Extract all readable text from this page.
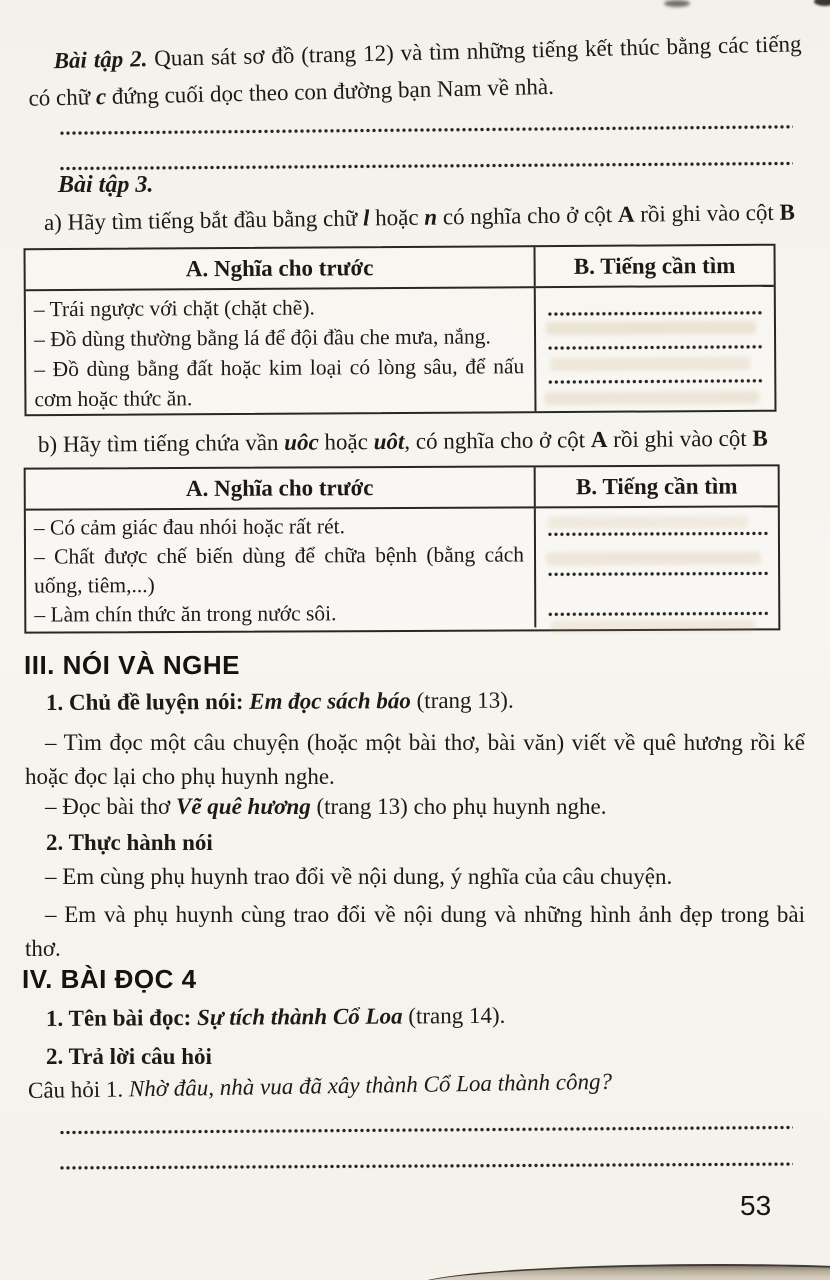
Bài tập 2. Quan sát sơ đồ (trang 12) và tìm những tiếng kết thúc bằng các tiếng có chữ c đứng cuối dọc theo con đường bạn Nam về nhà.

Bài tập 3.

a) Hãy tìm tiếng bắt đầu bằng chữ l hoặc n có nghĩa cho ở cột A rồi ghi vào cột B

A. Nghĩa cho trước	B. Tiếng cần tìm

– Trái ngược với chặt (chặt chẽ).

– Đồ dùng thường bằng lá để đội đầu che mưa, nắng.

– Đồ dùng bằng đất hoặc kim loại có lòng sâu, để nấu cơm hoặc thức ăn.

b) Hãy tìm tiếng chứa vần uôc hoặc uôt, có nghĩa cho ở cột A rồi ghi vào cột B

A. Nghĩa cho trước	B. Tiếng cần tìm

– Có cảm giác đau nhói hoặc rất rét.

– Chất được chế biến dùng để chữa bệnh (bằng cách uống, tiêm,...)

– Làm chín thức ăn trong nước sôi.

III. NÓI VÀ NGHE

1. Chủ đề luyện nói: Em đọc sách báo (trang 13).

– Tìm đọc một câu chuyện (hoặc một bài thơ, bài văn) viết về quê hương rồi kể hoặc đọc lại cho phụ huynh nghe.

– Đọc bài thơ Vẽ quê hương (trang 13) cho phụ huynh nghe.

2. Thực hành nói

– Em cùng phụ huynh trao đổi về nội dung, ý nghĩa của câu chuyện.

– Em và phụ huynh cùng trao đổi về nội dung và những hình ảnh đẹp trong bài thơ.

IV. BÀI ĐỌC 4

1. Tên bài đọc: Sự tích thành Cổ Loa (trang 14).

2. Trả lời câu hỏi

Câu hỏi 1. Nhờ đâu, nhà vua đã xây thành Cổ Loa thành công?

53
